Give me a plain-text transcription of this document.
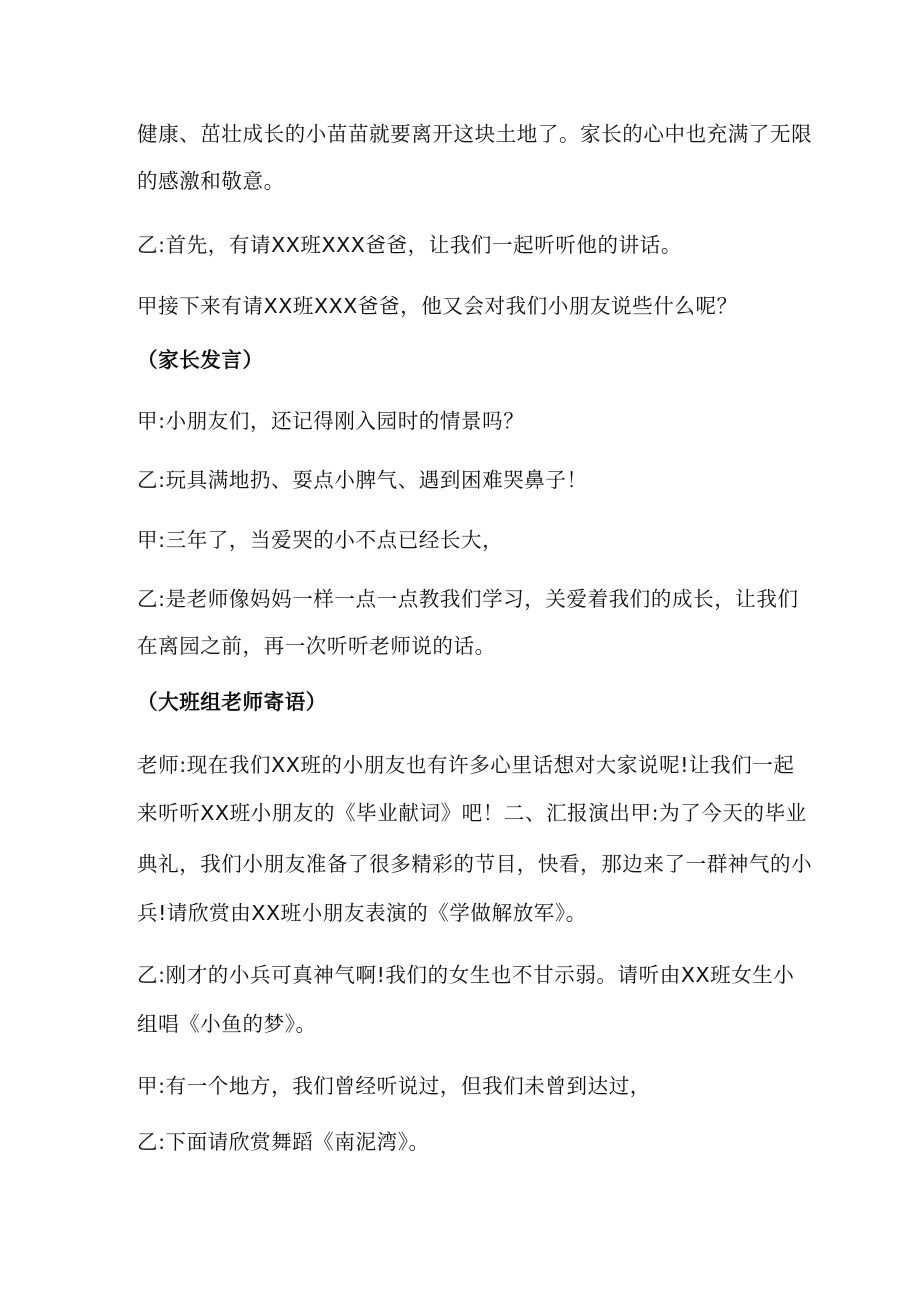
健康、茁壮成长的小苗苗就要离开这块土地了。家长的心中也充满了无限
的感激和敬意。
乙:首先，有请XX班XXX爸爸，让我们一起听听他的讲话。
甲接下来有请XX班XXX爸爸，他又会对我们小朋友说些什么呢？
（家长发言）
甲:小朋友们，还记得刚入园时的情景吗？
乙:玩具满地扔、耍点小脾气、遇到困难哭鼻子！
甲:三年了，当爱哭的小不点已经长大，
乙:是老师像妈妈一样一点一点教我们学习，关爱着我们的成长，让我们
在离园之前，再一次听听老师说的话。
（大班组老师寄语）
老师:现在我们XX班的小朋友也有许多心里话想对大家说呢!让我们一起
来听听XX班小朋友的《毕业献词》吧！二、汇报演出甲:为了今天的毕业
典礼，我们小朋友准备了很多精彩的节目，快看，那边来了一群神气的小
兵!请欣赏由XX班小朋友表演的《学做解放军》。
乙:刚才的小兵可真神气啊!我们的女生也不甘示弱。请听由XX班女生小
组唱《小鱼的梦》。
甲:有一个地方，我们曾经听说过，但我们未曾到达过，
乙:下面请欣赏舞蹈《南泥湾》。
